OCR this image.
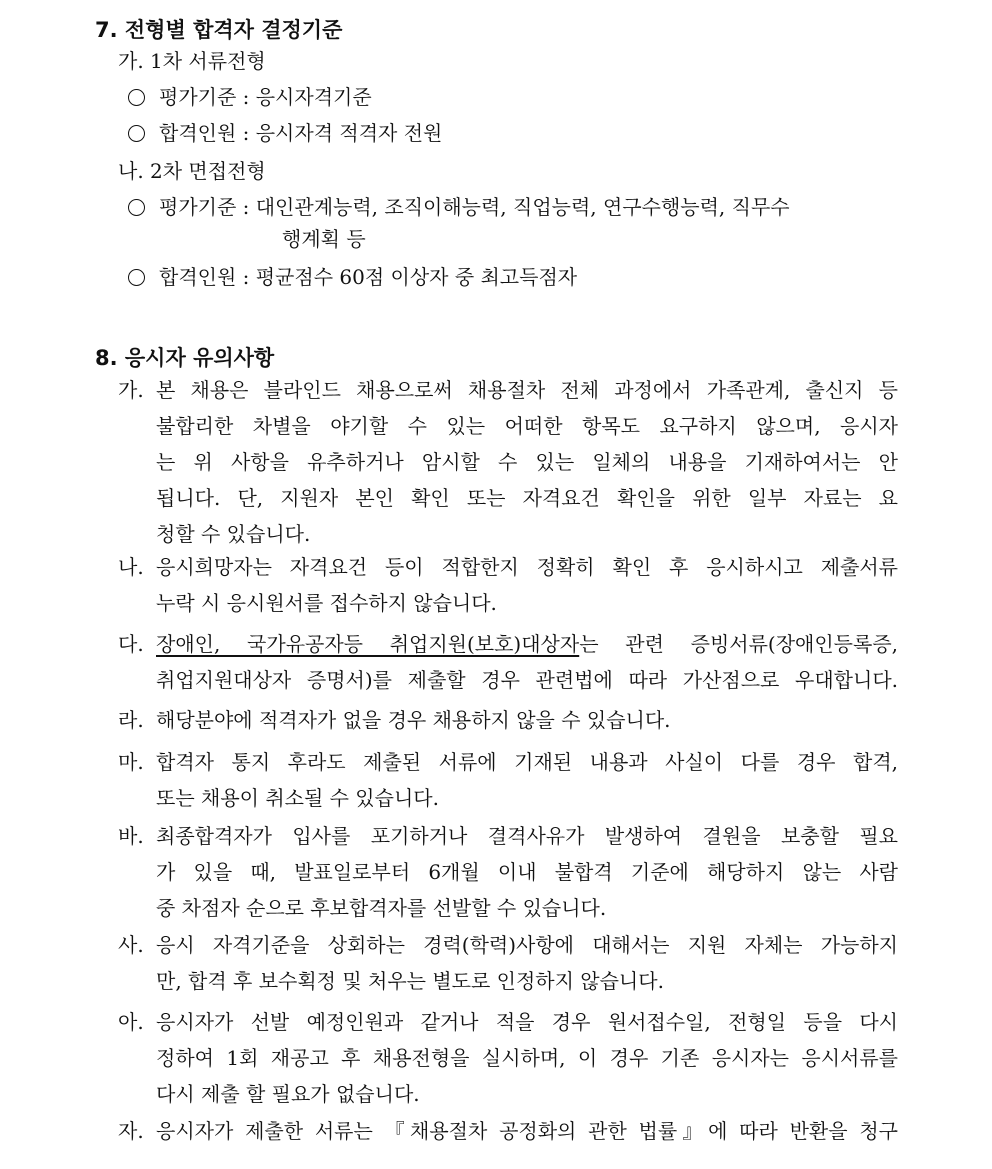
7. 전형별 합격자 결정기준
가. 1차 서류전형
평가기준 : 응시자격기준
합격인원 : 응시자격 적격자 전원
나. 2차 면접전형
평가기준 : 대인관계능력, 조직이해능력, 직업능력, 연구수행능력, 직무수
행계획 등
합격인원 : 평균점수 60점 이상자 중 최고득점자
8. 응시자 유의사항
가. 본 채용은 블라인드 채용으로써 채용절차 전체 과정에서 가족관계, 출신지 등
불합리한 차별을 야기할 수 있는 어떠한 항목도 요구하지 않으며, 응시자
는 위 사항을 유추하거나 암시할 수 있는 일체의 내용을 기재하여서는 안
됩니다. 단, 지원자 본인 확인 또는 자격요건 확인을 위한 일부 자료는 요
청할 수 있습니다.
나. 응시희망자는 자격요건 등이 적합한지 정확히 확인 후 응시하시고 제출서류
누락 시 응시원서를 접수하지 않습니다.
다. 장애인, 국가유공자등 취업지원(보호)대상자는 관련 증빙서류(장애인등록증,
취업지원대상자 증명서)를 제출할 경우 관련법에 따라 가산점으로 우대합니다.
라. 해당분야에 적격자가 없을 경우 채용하지 않을 수 있습니다.
마. 합격자 통지 후라도 제출된 서류에 기재된 내용과 사실이 다를 경우 합격,
또는 채용이 취소될 수 있습니다.
바. 최종합격자가 입사를 포기하거나 결격사유가 발생하여 결원을 보충할 필요
가 있을 때, 발표일로부터 6개월 이내 불합격 기준에 해당하지 않는 사람
중 차점자 순으로 후보합격자를 선발할 수 있습니다.
사. 응시 자격기준을 상회하는 경력(학력)사항에 대해서는 지원 자체는 가능하지
만, 합격 후 보수획정 및 처우는 별도로 인정하지 않습니다.
아. 응시자가 선발 예정인원과 같거나 적을 경우 원서접수일, 전형일 등을 다시
정하여 1회 재공고 후 채용전형을 실시하며, 이 경우 기존 응시자는 응시서류를
다시 제출 할 필요가 없습니다.
자. 응시자가 제출한 서류는 『채용절차 공정화의 관한 법률』에 따라 반환을 청구
